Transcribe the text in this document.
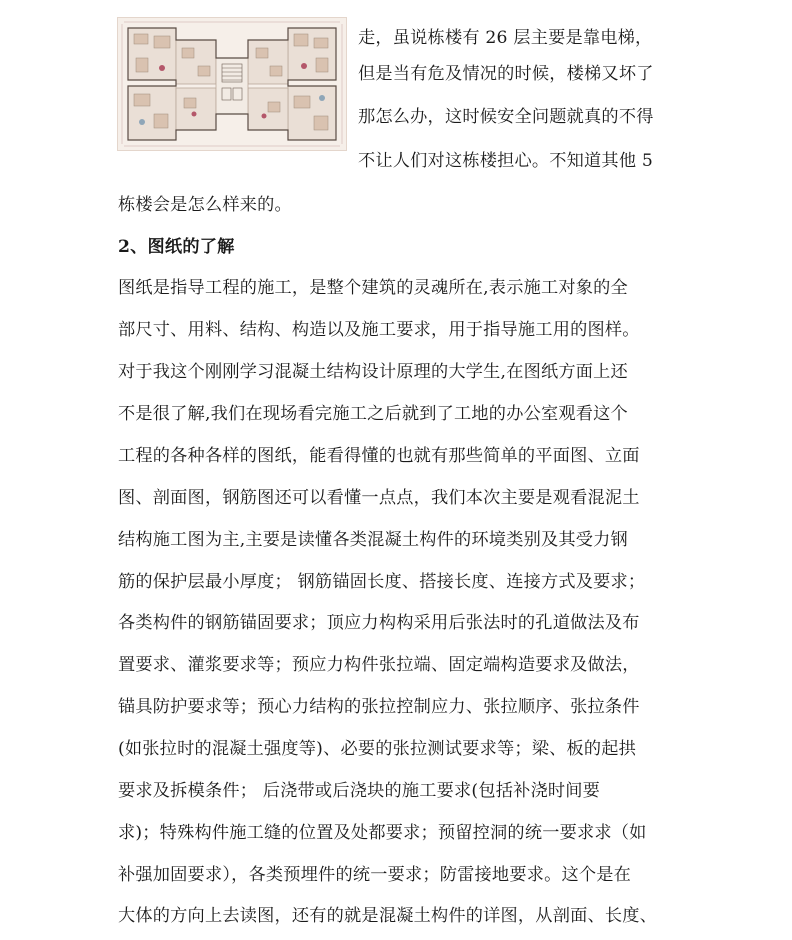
走，虽说栋楼有 26 层主要是靠电梯，
但是当有危及情况的时候，楼梯又坏了
那怎么办，这时候安全问题就真的不得
不让人们对这栋楼担心。不知道其他 5
栋楼会是怎么样来的。
2、图纸的了解
图纸是指导工程的施工，是整个建筑的灵魂所在,表示施工对象的全
部尺寸、用料、结构、构造以及施工要求，用于指导施工用的图样。
对于我这个刚刚学习混凝土结构设计原理的大学生,在图纸方面上还
不是很了解,我们在现场看完施工之后就到了工地的办公室观看这个
工程的各种各样的图纸，能看得懂的也就有那些简单的平面图、立面
图、剖面图，钢筋图还可以看懂一点点，我们本次主要是观看混泥土
结构施工图为主,主要是读懂各类混凝土构件的环境类别及其受力钢
筋的保护层最小厚度； 钢筋锚固长度、搭接长度、连接方式及要求；
各类构件的钢筋锚固要求；顶应力构构采用后张法时的孔道做法及布
置要求、灌浆要求等；预应力构件张拉端、固定端构造要求及做法，
锚具防护要求等；预心力结构的张拉控制应力、张拉顺序、张拉条件
(如张拉时的混凝土强度等)、必要的张拉测试要求等；梁、板的起拱
要求及拆模条件； 后浇带或后浇块的施工要求(包括补浇时间要
求)；特殊构件施工缝的位置及处都要求；预留控洞的统一要求求（如
补强加固要求），各类预埋件的统一要求；防雷接地要求。这个是在
大体的方向上去读图，还有的就是混凝土构件的详图，从剖面、长度、
